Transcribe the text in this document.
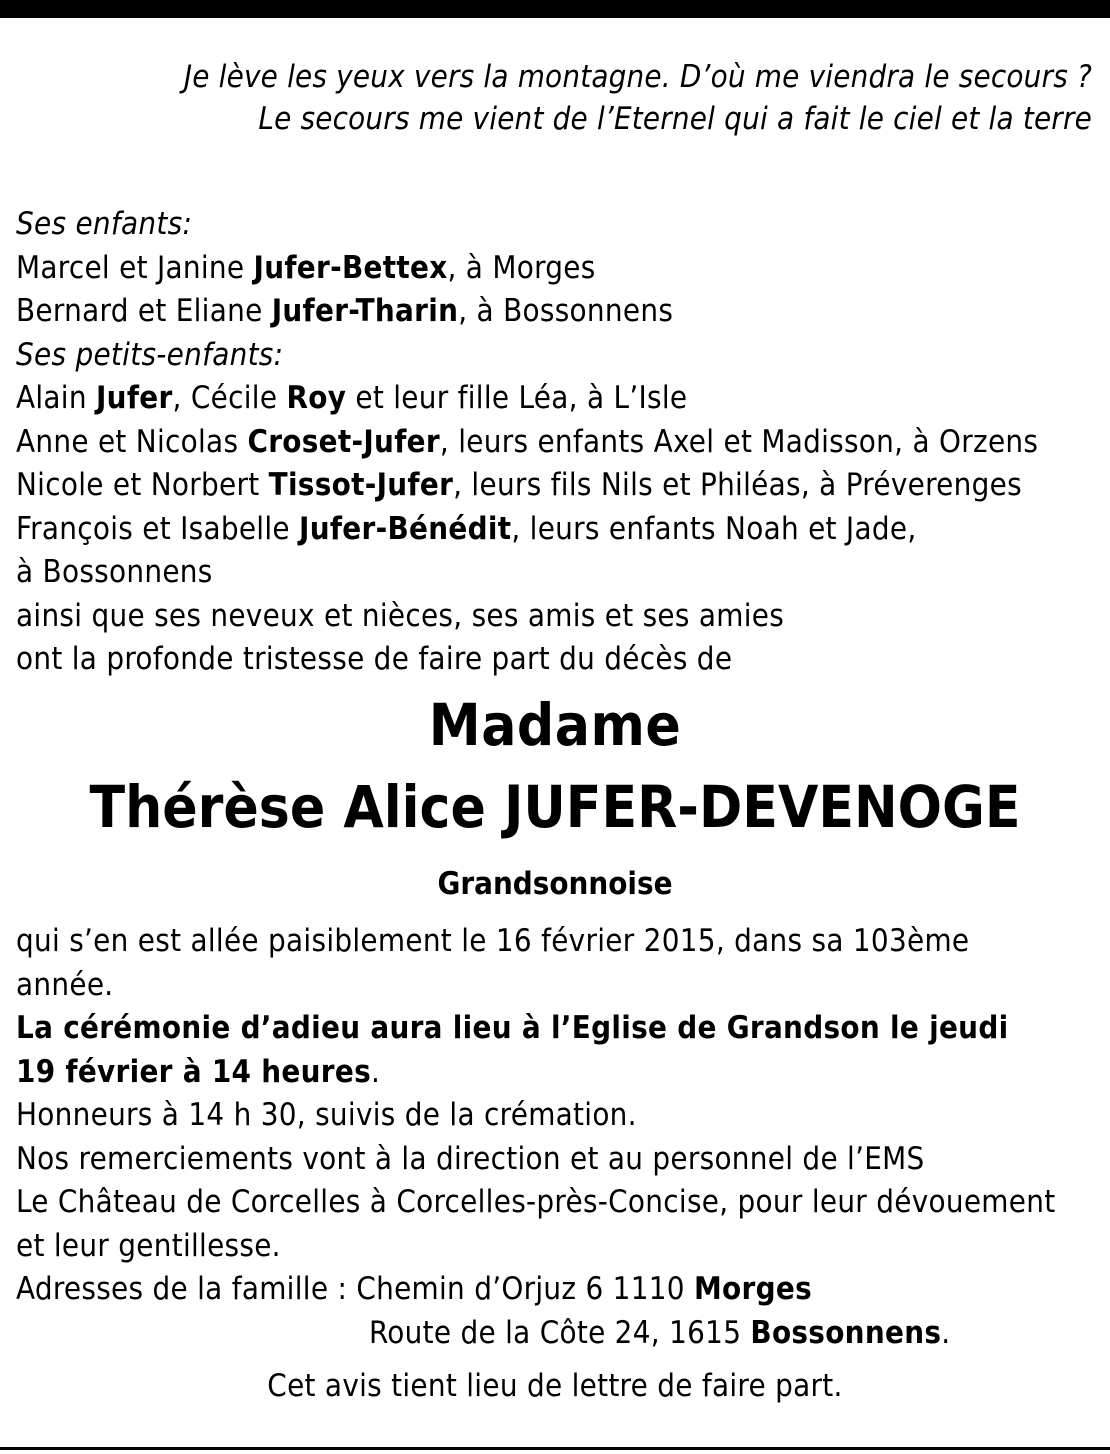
Je lève les yeux vers la montagne. D’où me viendra le secours ?
Le secours me vient de l’Eternel qui a fait le ciel et la terre
Ses enfants:
Marcel et Janine Jufer-Bettex, à Morges
Bernard et Eliane Jufer-Tharin, à Bossonnens
Ses petits-enfants:
Alain Jufer, Cécile Roy et leur fille Léa, à L’Isle
Anne et Nicolas Croset-Jufer, leurs enfants Axel et Madisson, à Orzens
Nicole et Norbert Tissot-Jufer, leurs fils Nils et Philéas, à Préverenges
François et Isabelle Jufer-Bénédit, leurs enfants Noah et Jade,
à Bossonnens
ainsi que ses neveux et nièces, ses amis et ses amies
ont la profonde tristesse de faire part du décès de
Madame
Thérèse Alice JUFER-DEVENOGE
Grandsonnoise
qui s’en est allée paisiblement le 16 février 2015, dans sa 103ème
année.
La cérémonie d’adieu aura lieu à l’Eglise de Grandson le jeudi
19 février à 14 heures.
Honneurs à 14 h 30, suivis de la crémation.
Nos remerciements vont à la direction et au personnel de l’EMS
Le Château de Corcelles à Corcelles-près-Concise, pour leur dévouement
et leur gentillesse.
Adresses de la famille : Chemin d’Orjuz 6 1110 Morges
Route de la Côte 24, 1615 Bossonnens.
Cet avis tient lieu de lettre de faire part.
